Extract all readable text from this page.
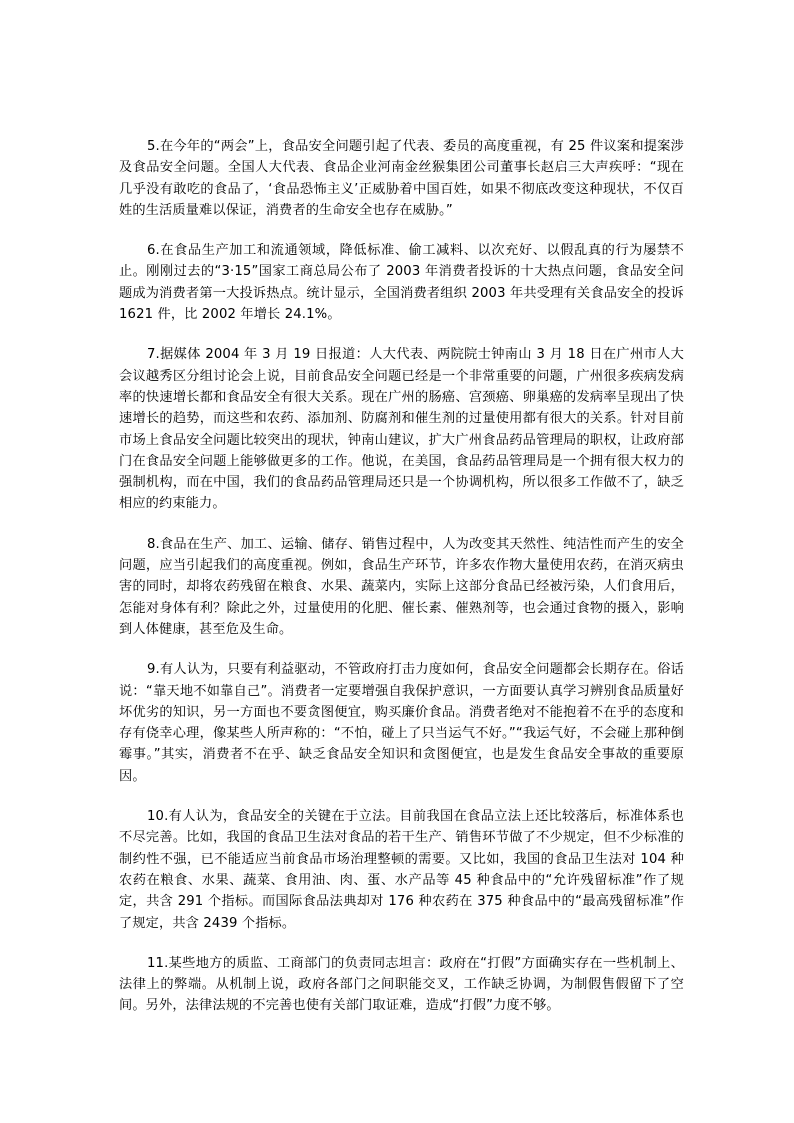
5.在今年的“两会”上，食品安全问题引起了代表、委员的高度重视，有 25 件议案和提案涉及食品安全问题。全国人大代表、食品企业河南金丝猴集团公司董事长赵启三大声疾呼：“现在几乎没有敢吃的食品了，‘食品恐怖主义’正威胁着中国百姓，如果不彻底改变这种现状，不仅百姓的生活质量难以保证，消费者的生命安全也存在威胁。”

6.在食品生产加工和流通领域，降低标准、偷工减料、以次充好、以假乱真的行为屡禁不止。刚刚过去的“3·15”国家工商总局公布了 2003 年消费者投诉的十大热点问题，食品安全问题成为消费者第一大投诉热点。统计显示，全国消费者组织 2003 年共受理有关食品安全的投诉 1621 件，比 2002 年增长 24.1%。

7.据媒体 2004 年 3 月 19 日报道：人大代表、两院院士钟南山 3 月 18 日在广州市人大会议越秀区分组讨论会上说，目前食品安全问题已经是一个非常重要的问题，广州很多疾病发病率的快速增长都和食品安全有很大关系。现在广州的肠癌、宫颈癌、卵巢癌的发病率呈现出了快速增长的趋势，而这些和农药、添加剂、防腐剂和催生剂的过量使用都有很大的关系。针对目前市场上食品安全问题比较突出的现状，钟南山建议，扩大广州食品药品管理局的职权，让政府部门在食品安全问题上能够做更多的工作。他说，在美国，食品药品管理局是一个拥有很大权力的强制机构，而在中国，我们的食品药品管理局还只是一个协调机构，所以很多工作做不了，缺乏相应的约束能力。

8.食品在生产、加工、运输、储存、销售过程中，人为改变其天然性、纯洁性而产生的安全问题，应当引起我们的高度重视。例如，食品生产环节，许多农作物大量使用农药，在消灭病虫害的同时，却将农药残留在粮食、水果、蔬菜内，实际上这部分食品已经被污染，人们食用后，怎能对身体有利？除此之外，过量使用的化肥、催长素、催熟剂等，也会通过食物的摄入，影响到人体健康，甚至危及生命。

9.有人认为，只要有利益驱动，不管政府打击力度如何，食品安全问题都会长期存在。俗话说：“靠天地不如靠自己”。消费者一定要增强自我保护意识，一方面要认真学习辨别食品质量好坏优劣的知识，另一方面也不要贪图便宜，购买廉价食品。消费者绝对不能抱着不在乎的态度和存有侥幸心理，像某些人所声称的：“不怕，碰上了只当运气不好。”“我运气好，不会碰上那种倒霉事。”其实，消费者不在乎、缺乏食品安全知识和贪图便宜，也是发生食品安全事故的重要原因。

10.有人认为，食品安全的关键在于立法。目前我国在食品立法上还比较落后，标准体系也不尽完善。比如，我国的食品卫生法对食品的若干生产、销售环节做了不少规定，但不少标准的制约性不强，已不能适应当前食品市场治理整顿的需要。又比如，我国的食品卫生法对 104 种农药在粮食、水果、蔬菜、食用油、肉、蛋、水产品等 45 种食品中的“允许残留标准”作了规定，共含 291 个指标。而国际食品法典却对 176 种农药在 375 种食品中的“最高残留标准”作了规定，共含 2439 个指标。

11.某些地方的质监、工商部门的负责同志坦言：政府在“打假”方面确实存在一些机制上、法律上的弊端。从机制上说，政府各部门之间职能交叉，工作缺乏协调，为制假售假留下了空间。另外，法律法规的不完善也使有关部门取证难，造成“打假”力度不够。
